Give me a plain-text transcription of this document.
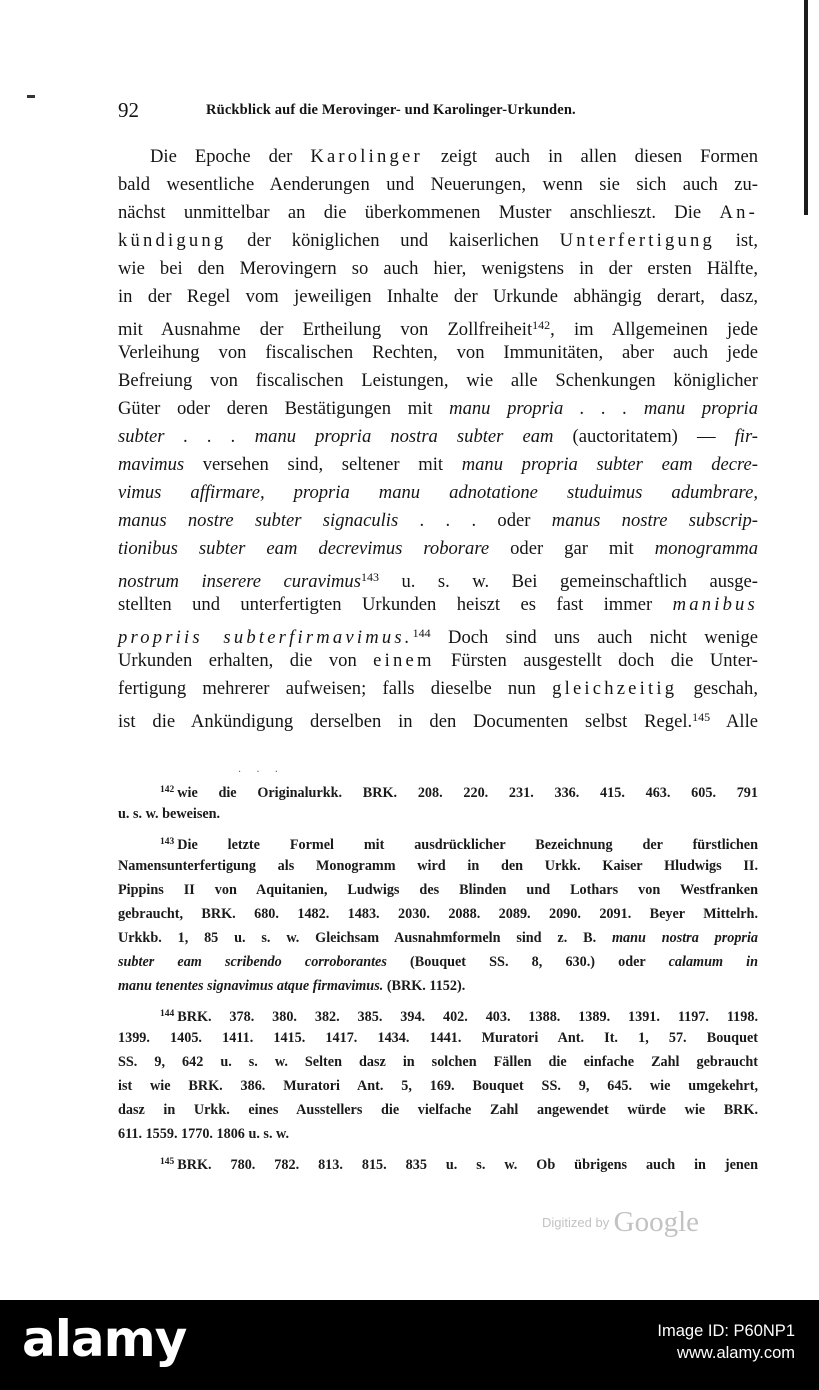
92	Rückblick auf die Merovinger- und Karolinger-Urkunden.
Die Epoche der Karolinger zeigt auch in allen diesen Formen
bald wesentliche Aenderungen und Neuerungen, wenn sie sich auch zu-
nächst unmittelbar an die überkommenen Muster anschlieszt. Die An-
kündigung der königlichen und kaiserlichen Unterfertigung ist,
wie bei den Merovingern so auch hier, wenigstens in der ersten Hälfte,
in der Regel vom jeweiligen Inhalte der Urkunde abhängig derart, dasz,
mit Ausnahme der Ertheilung von Zollfreiheit$^{142}$, im Allgemeinen jede
Verleihung von fiscalischen Rechten, von Immunitäten, aber auch jede
Befreiung von fiscalischen Leistungen, wie alle Schenkungen königlicher
Güter oder deren Bestätigungen mit manu propria . . . manu propria
subter . . . manu propria nostra subter eam (auctoritatem) — fir-
mavimus versehen sind, seltener mit manu propria subter eam decre-
vimus affirmare, propria manu adnotatione studuimus adumbrare,
manus nostre subter signaculis . . . oder manus nostre subscrip-
tionibus subter eam decrevimus roborare oder gar mit monogramma
nostrum inserere curavimus$^{143}$ u. s. w. Bei gemeinschaftlich ausge-
stellten und unterfertigten Urkunden heiszt es fast immer manibus
propriis subterfirmavimus.$^{144}$ Doch sind uns auch nicht wenige
Urkunden erhalten, die von einem Fürsten ausgestellt doch die Unter-
fertigung mehrerer aufweisen; falls dieselbe nun gleichzeitig geschah,
ist die Ankündigung derselben in den Documenten selbst Regel.$^{145}$ Alle
. . .
$^{142}$ wie die Originalurkk. BRK. 208. 220. 231. 336. 415. 463. 605. 791
u. s. w. beweisen.
$^{143}$ Die letzte Formel mit ausdrücklicher Bezeichnung der fürstlichen
Namensunterfertigung als Monogramm wird in den Urkk. Kaiser Hludwigs II.
Pippins II von Aquitanien, Ludwigs des Blinden und Lothars von Westfranken
gebraucht, BRK. 680. 1482. 1483. 2030. 2088. 2089. 2090. 2091. Beyer Mittelrh.
Urkkb. 1, 85 u. s. w. Gleichsam Ausnahmformeln sind z. B. manu nostra propria
subter eam scribendo corroborantes (Bouquet SS. 8, 630.) oder calamum in
manu tenentes signavimus atque firmavimus. (BRK. 1152).
$^{144}$ BRK. 378. 380. 382. 385. 394. 402. 403. 1388. 1389. 1391. 1197. 1198.
1399. 1405. 1411. 1415. 1417. 1434. 1441. Muratori Ant. It. 1, 57. Bouquet
SS. 9, 642 u. s. w. Selten dasz in solchen Fällen die einfache Zahl gebraucht
ist wie BRK. 386. Muratori Ant. 5, 169. Bouquet SS. 9, 645. wie umgekehrt,
dasz in Urkk. eines Ausstellers die vielfache Zahl angewendet würde wie BRK.
611. 1559. 1770. 1806 u. s. w.
$^{145}$ BRK. 780. 782. 813. 815. 835 u. s. w. Ob übrigens auch in jenen
$^{Digitized by}$ Google
alamy	Image ID: P60NP1
www.alamy.com
